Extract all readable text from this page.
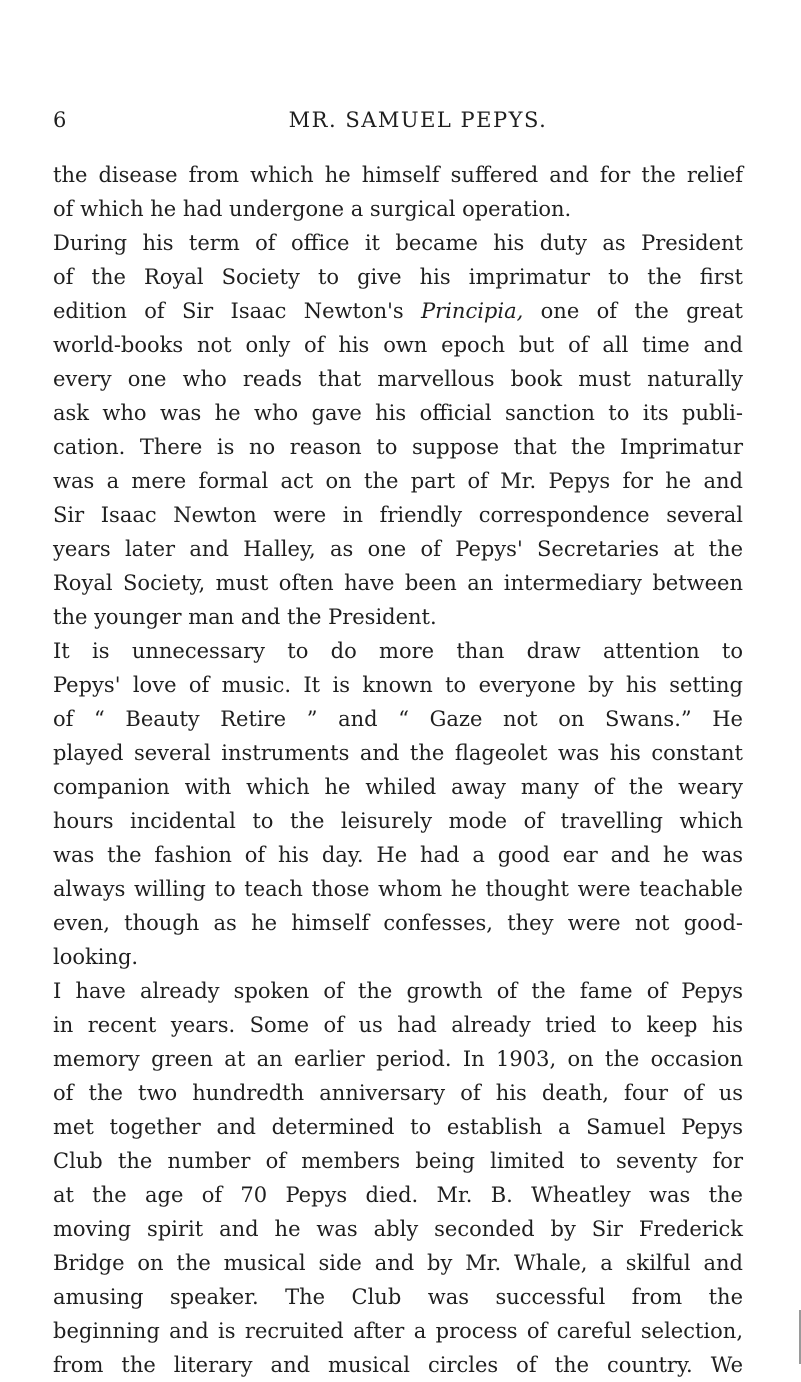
6	MR. SAMUEL PEPYS.
the disease from which he himself suffered and for the relief
of which he had undergone a surgical operation.
During his term of office it became his duty as President
of the Royal Society to give his imprimatur to the first
edition of Sir Isaac Newton's Principia, one of the great
world-books not only of his own epoch but of all time and
every one who reads that marvellous book must naturally
ask who was he who gave his official sanction to its publi-
cation. There is no reason to suppose that the Imprimatur
was a mere formal act on the part of Mr. Pepys for he and
Sir Isaac Newton were in friendly correspondence several
years later and Halley, as one of Pepys' Secretaries at the
Royal Society, must often have been an intermediary between
the younger man and the President.
It is unnecessary to do more than draw attention to
Pepys' love of music. It is known to everyone by his setting
of “ Beauty Retire ” and “ Gaze not on Swans.” He
played several instruments and the flageolet was his constant
companion with which he whiled away many of the weary
hours incidental to the leisurely mode of travelling which
was the fashion of his day. He had a good ear and he was
always willing to teach those whom he thought were teachable
even, though as he himself confesses, they were not good-
looking.
I have already spoken of the growth of the fame of Pepys
in recent years. Some of us had already tried to keep his
memory green at an earlier period. In 1903, on the occasion
of the two hundredth anniversary of his death, four of us
met together and determined to establish a Samuel Pepys
Club the number of members being limited to seventy for
at the age of 70 Pepys died. Mr. B. Wheatley was the
moving spirit and he was ably seconded by Sir Frederick
Bridge on the musical side and by Mr. Whale, a skilful and
amusing speaker. The Club was successful from the
beginning and is recruited after a process of careful selection,
from the literary and musical circles of the country. We
